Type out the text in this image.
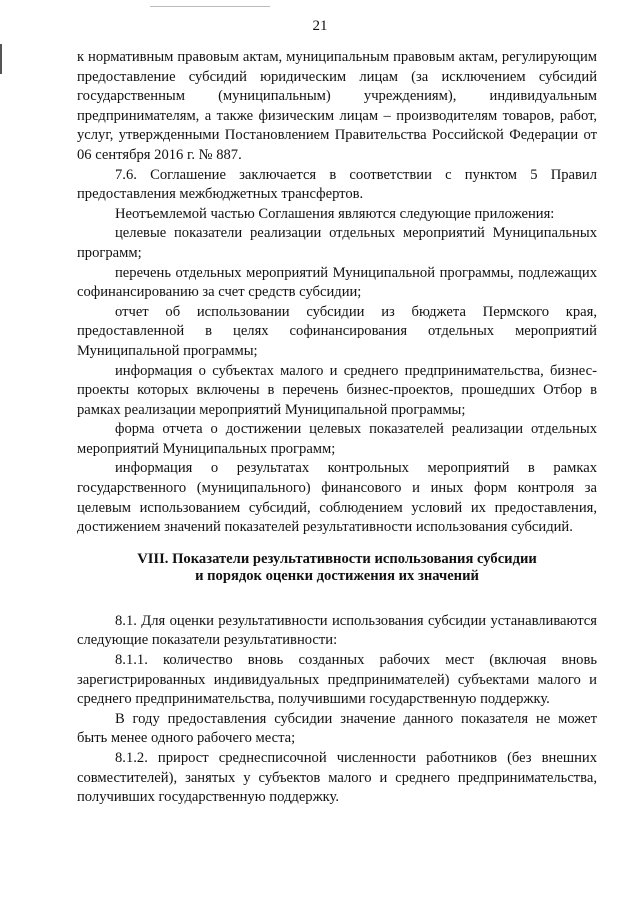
21

к нормативным правовым актам, муниципальным правовым актам, регулирующим предоставление субсидий юридическим лицам (за исключением субсидий государственным (муниципальным) учреждениям), индивидуальным предпринимателям, а также физическим лицам – производителям товаров, работ, услуг, утвержденными Постановлением Правительства Российской Федерации от 06 сентября 2016 г. № 887.

7.6. Соглашение заключается в соответствии с пунктом 5 Правил предоставления межбюджетных трансфертов.

Неотъемлемой частью Соглашения являются следующие приложения:

целевые показатели реализации отдельных мероприятий Муниципальных программ;

перечень отдельных мероприятий Муниципальной программы, подлежащих софинансированию за счет средств субсидии;

отчет об использовании субсидии из бюджета Пермского края, предоставленной в целях софинансирования отдельных мероприятий Муниципальной программы;

информация о субъектах малого и среднего предпринимательства, бизнес-проекты которых включены в перечень бизнес-проектов, прошедших Отбор в рамках реализации мероприятий Муниципальной программы;

форма отчета о достижении целевых показателей реализации отдельных мероприятий Муниципальных программ;

информация о результатах контрольных мероприятий в рамках государственного (муниципального) финансового и иных форм контроля за целевым использованием субсидий, соблюдением условий их предоставления, достижением значений показателей результативности использования субсидий.

VIII. Показатели результативности использования субсидии
и порядок оценки достижения их значений

8.1. Для оценки результативности использования субсидии устанавливаются следующие показатели результативности:

8.1.1. количество вновь созданных рабочих мест (включая вновь зарегистрированных индивидуальных предпринимателей) субъектами малого и среднего предпринимательства, получившими государственную поддержку.

В году предоставления субсидии значение данного показателя не может быть менее одного рабочего места;

8.1.2. прирост среднесписочной численности работников (без внешних совместителей), занятых у субъектов малого и среднего предпринимательства, получивших государственную поддержку.
